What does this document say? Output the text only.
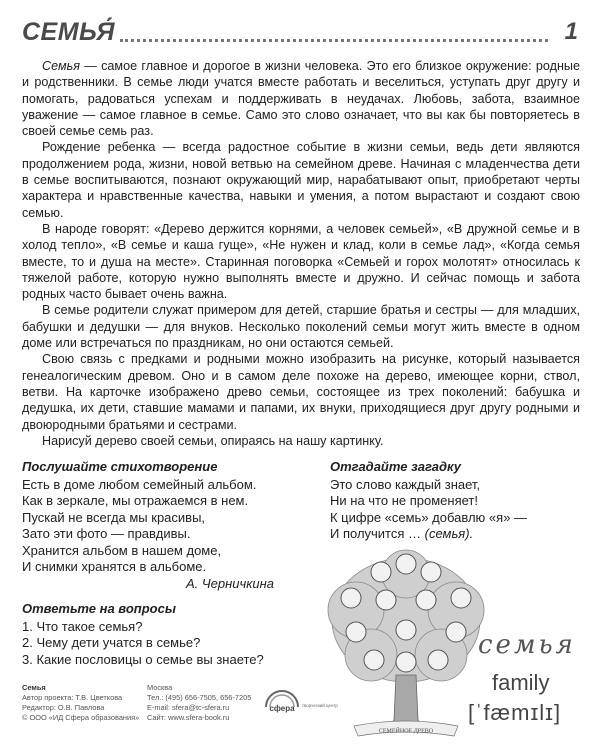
СЕМЬЯ́	1

Семья — самое главное и дорогое в жизни человека. Это его близкое окружение: родные и родственники. В семье люди учатся вместе работать и веселиться, уступать друг другу и помогать, радоваться успехам и поддерживать в неудачах. Любовь, забота, взаимное уважение — самое главное в семье. Само это слово означает, что вы как бы повторяетесь в своей семье семь раз.

Рождение ребенка — всегда радостное событие в жизни семьи, ведь дети являются продолжением рода, жизни, новой ветвью на семейном древе. Начиная с младенчества дети в семье воспитываются, познают окружающий мир, нарабатывают опыт, приобретают черты характера и нравственные качества, навыки и умения, а потом вырастают и создают свою семью.

В народе говорят: «Дерево держится корнями, а человек семьей», «В дружной семье и в холод тепло», «В семье и каша гуще», «Не нужен и клад, коли в семье лад», «Когда семья вместе, то и душа на месте». Старинная поговорка «Семьей и горох молотят» относилась к тяжелой работе, которую нужно выполнять вместе и дружно. И сейчас помощь и забота родных часто бывает очень важна.

В семье родители служат примером для детей, старшие братья и сестры — для младших, бабушки и дедушки — для внуков. Несколько поколений семьи могут жить вместе в одном доме или встречаться по праздникам, но они остаются семьей.

Свою связь с предками и родными можно изобразить на рисунке, который называется генеалогическим древом. Оно и в самом деле похоже на дерево, имеющее корни, ствол, ветви. На карточке изображено древо семьи, состоящее из трех поколений: бабушка и дедушка, их дети, ставшие мамами и папами, их внуки, приходящиеся друг другу родными и двоюродными братьями и сестрами.

Нарисуй дерево своей семьи, опираясь на нашу картинку.

Послушайте стихотворение
Есть в доме любом семейный альбом.
Как в зеркале, мы отражаемся в нем.
Пускай не всегда мы красивы,
Зато эти фото — правдивы.
Хранится альбом в нашем доме,
И снимки хранятся в альбоме.
А. Черничкина
Ответьте на вопросы
1. Что такое семья?
2. Чему дети учатся в семье?
3. Какие пословицы о семье вы знаете?
Отгадайте загадку
Это слово каждый знает,
Ни на что не променяет!
К цифре «семь» добавлю «я» —
И получится … (семья).
СЕМЕЙНОЕ ДРЕВО
семья
family
[ˈfæmɪlɪ]
Семья
Автор проекта: Т.В. Цветкова
Редактор: О.В. Павлова
© ООО «ИД Сфера образования»
Москва
Тел.: (495) 656-7505, 656-7205
E-mail: sfera@tc-sfera.ru
Сайт: www.sfera-book.ru
сфера творческий центр
